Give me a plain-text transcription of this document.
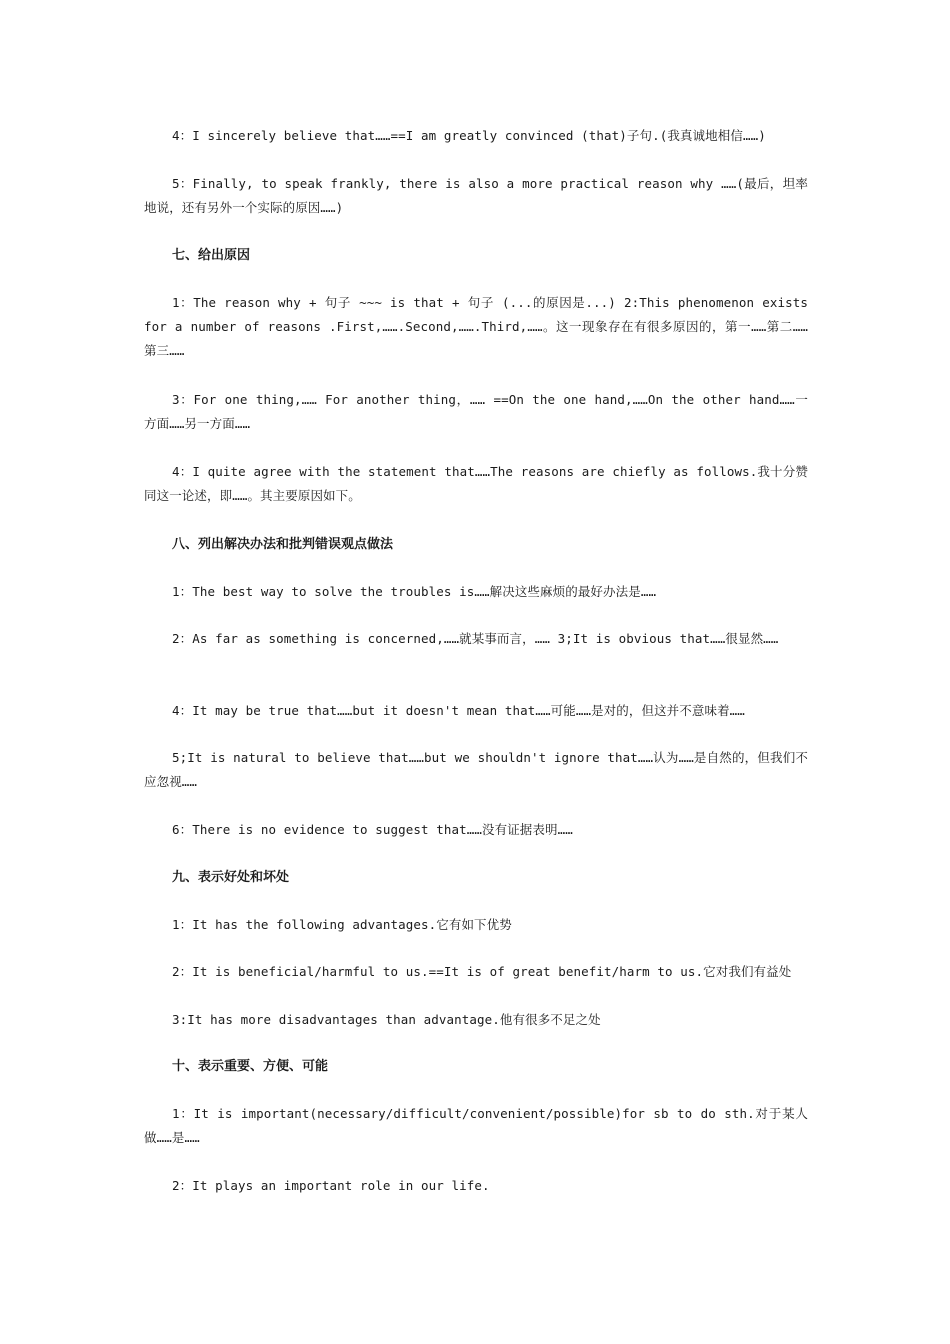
4：I sincerely believe that……==I am greatly convinced (that)子句.(我真诚地相信……)

5：Finally, to speak frankly, there is also a more practical reason why ……(最后，坦率地说，还有另外一个实际的原因……)

七、给出原因

1：The reason why + 句子 ~~~ is that + 句子 (...的原因是...) 2:This phenomenon exists for a number of reasons .First,…….Second,…….Third,……。这一现象存在有很多原因的，第一……第二……第三……

3：For one thing,…… For another thing，…… ==On the one hand,……On the other hand……一方面……另一方面……

4：I quite agree with the statement that……The reasons are chiefly as follows.我十分赞同这一论述，即……。其主要原因如下。

八、列出解决办法和批判错误观点做法

1：The best way to solve the troubles is……解决这些麻烦的最好办法是……

2：As far as something is concerned,……就某事而言，…… 3;It is obvious that……很显然……

4：It may be true that……but it doesn't mean that……可能……是对的，但这并不意味着……

5;It is natural to believe that……but we shouldn't ignore that……认为……是自然的，但我们不应忽视……

6：There is no evidence to suggest that……没有证据表明……

九、表示好处和坏处

1：It has the following advantages.它有如下优势

2：It is beneficial/harmful to us.==It is of great benefit/harm to us.它对我们有益处

3:It has more disadvantages than advantage.他有很多不足之处

十、表示重要、方便、可能

1：It is important(necessary/difficult/convenient/possible)for sb to do sth.对于某人做……是……

2：It plays an important role in our life.
